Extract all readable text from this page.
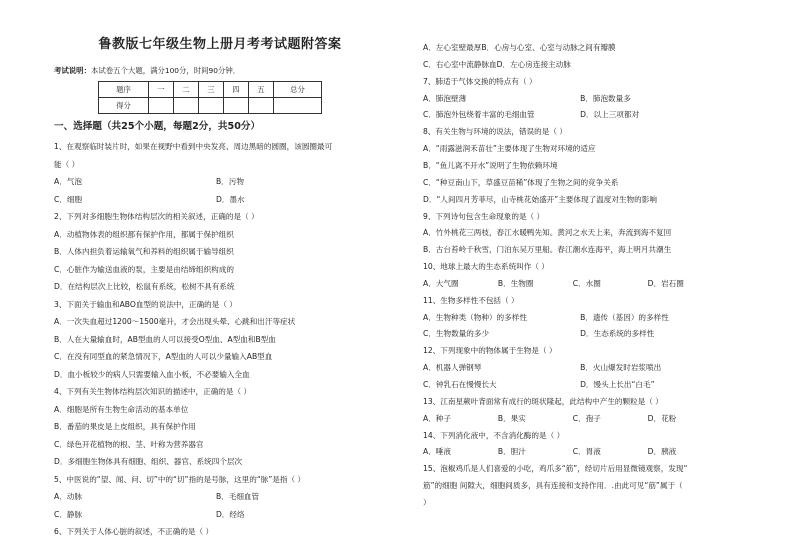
鲁教版七年级生物上册月考考试题附答案
考试说明：本试卷五个大题，满分100分，时间90分钟．
题序	一	二	三	四	五	总分
得分						
一、选择题（共25个小题，每题2分，共50分）
1、在观察临时装片时，如果在视野中看到中央发亮、周边黑暗的圆圈，该圆圈最可
能（ ）
A．气泡	B．污物
C．细胞	D．墨水
2、下列对多细胞生物体结构层次的相关叙述，正确的是（ ）
A．动植物体表的组织都有保护作用，都属于保护组织
B．人体内担负着运输氧气和养料的组织属于输导组织
C．心脏作为输送血液的泵，主要是由结缔组织构成的
D．在结构层次上比较，松鼠有系统，松树不具有系统
3、下面关于输血和ABO血型的说法中，正确的是（ ）
A．一次失血超过1200～1500毫升，才会出现头晕、心跳和出汗等症状
B．人在大量输血时，AB型血的人可以接受O型血、A型血和B型血
C．在没有同型血的紧急情况下，A型血的人可以少量输入AB型血
D．血小板较少的病人只需要输入血小板，不必要输入全血
4、下列有关生物体结构层次知识的描述中，正确的是（ ）
A．细胞是所有生物生命活动的基本单位
B．番茄的果皮是上皮组织，具有保护作用
C．绿色开花植物的根、茎、叶称为营养器官
D．多细胞生物体具有细胞、组织、器官、系统四个层次
5、中医说的“望、闻、问、切”中的“切”指的是号脉，这里的“脉”是指（ ）
A．动脉	B．毛细血管
C．静脉	D．经络
6、下列关于人体心脏的叙述，不正确的是（ ）
A．左心室壁最厚B．心房与心室、心室与动脉之间有瓣膜
C．右心室中流静脉血D．左心房连接主动脉
7、肺适于气体交换的特点有（ ）
A．肺泡壁薄	B．肺泡数量多
C．肺泡外包绕着丰富的毛细血管	D．以上三项都对
8、有关生物与环境的说法，错误的是（ ）
A．“雨露滋润禾苗壮”主要体现了生物对环境的适应
B．“鱼儿离不开水”说明了生物依赖环境
C．“种豆南山下，草盛豆苗稀”体现了生物之间的竞争关系
D．“人间四月芳菲尽，山寺桃花始盛开”主要体现了温度对生物的影响
9、下列诗句包含生命现象的是（ ）
A．竹外桃花三两枝，春江水暖鸭先知。黄河之水天上来，奔流到海不复回
B．古台苔岭千秋雪，门泊东吴万里船。春江潮水连海平，海上明月共潮生
10、地球上最大的生态系统叫作（ ）
A．大气圈	B．生物圈	C．水圈	D．岩石圈
11、生物多样性不包括（ ）
A．生物种类（物种）的多样性	B．遗传（基因）的多样性
C．生物数量的多少	D．生态系统的多样性
12、下列现象中的物体属于生物是（ ）
A．机器人弹钢琴	B．火山爆发时岩浆喷出
C．钟乳石在慢慢长大	D．馒头上长出“白毛”
13、江南星蕨叶背面常有成行的斑状隆起，此结构中产生的颗粒是（ ）
A．种子	B．果实	C．孢子	D．花粉
14、下列消化液中，不含消化酶的是（ ）
A．唾液	B．胆汁	C．胃液	D．胰液
15、泡椒鸡爪是人们喜爱的小吃，鸡爪多“筋”，经切片后用显微镜观察，发现“
筋”的细胞 间隙大，细胞间质多，具有连接和支持作用．.由此可见“筋”属于（
）
